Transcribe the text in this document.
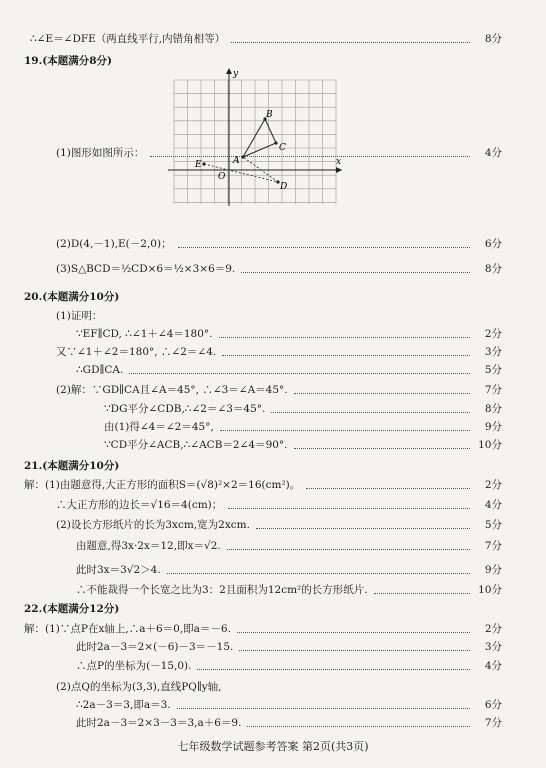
∴∠E＝∠DFE（两直线平行,内错角相等）	8分
19.(本题满分8分)
(1)图形如图所示：	4分
(2)D(4,－1),E(－2,0)；	6分
(3)S△BCD＝½CD×6＝½×3×6＝9.	8分
20.(本题满分10分)
(1)证明：
∵EF∥CD, ∴∠1＋∠4＝180°.	2分
又∵∠1＋∠2＝180°, ∴∠2＝∠4.	3分
∴GD∥CA.	5分
(2)解：∵GD∥CA且∠A＝45°, ∴∠3＝∠A＝45°.	7分
∵DG平分∠CDB,∴∠2＝∠3＝45°.	8分
由(1)得∠4＝∠2＝45°,	9分
∵CD平分∠ACB,∴∠ACB＝2∠4＝90°.	10分
21.(本题满分10分)
解：(1)由题意得,大正方形的面积S＝(√8)²×2＝16(cm²)。	2分
∴大正方形的边长＝√16＝4(cm)；	4分
(2)设长方形纸片的长为3xcm,宽为2xcm.	5分
由题意,得3x·2x＝12,即x＝√2.	7分
此时3x＝3√2＞4.	9分
∴不能裁得一个长宽之比为3：2且面积为12cm²的长方形纸片.	10分
22.(本题满分12分)
解：(1)∵点P在x轴上,∴a＋6＝0,即a＝－6.	2分
此时2a－3＝2×(－6)－3＝－15.	3分
∴点P的坐标为(－15,0).	4分
(2)点Q的坐标为(3,3),直线PQ∥y轴,
∴2a－3＝3,即a＝3.	6分
此时2a－3＝2×3－3＝3,a＋6＝9.	7分
x
y
B
C
A
E
O
D
七年级数学试题参考答案 第2页(共3页)
